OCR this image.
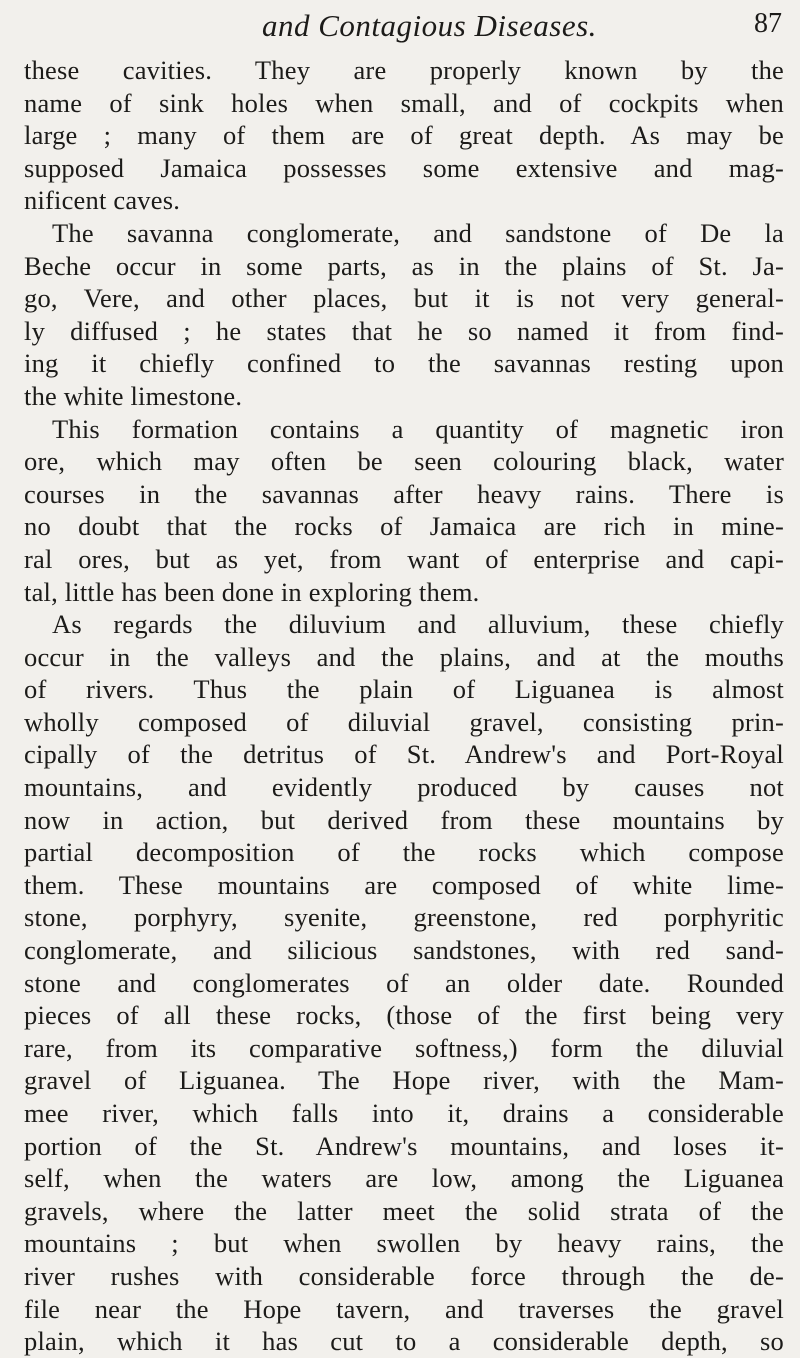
and Contagious Diseases.	87
these cavities. They are properly known by the
name of sink holes when small, and of cockpits when
large ; many of them are of great depth. As may be
supposed Jamaica possesses some extensive and mag-
nificent caves.
The savanna conglomerate, and sandstone of De la
Beche occur in some parts, as in the plains of St. Ja-
go, Vere, and other places, but it is not very general-
ly diffused ; he states that he so named it from find-
ing it chiefly confined to the savannas resting upon
the white limestone.
This formation contains a quantity of magnetic iron
ore, which may often be seen colouring black, water
courses in the savannas after heavy rains. There is
no doubt that the rocks of Jamaica are rich in mine-
ral ores, but as yet, from want of enterprise and capi-
tal, little has been done in exploring them.
As regards the diluvium and alluvium, these chiefly
occur in the valleys and the plains, and at the mouths
of rivers. Thus the plain of Liguanea is almost
wholly composed of diluvial gravel, consisting prin-
cipally of the detritus of St. Andrew's and Port-Royal
mountains, and evidently produced by causes not
now in action, but derived from these mountains by
partial decomposition of the rocks which compose
them. These mountains are composed of white lime-
stone, porphyry, syenite, greenstone, red porphyritic
conglomerate, and silicious sandstones, with red sand-
stone and conglomerates of an older date. Rounded
pieces of all these rocks, (those of the first being very
rare, from its comparative softness,) form the diluvial
gravel of Liguanea. The Hope river, with the Mam-
mee river, which falls into it, drains a considerable
portion of the St. Andrew's mountains, and loses it-
self, when the waters are low, among the Liguanea
gravels, where the latter meet the solid strata of the
mountains ; but when swollen by heavy rains, the
river rushes with considerable force through the de-
file near the Hope tavern, and traverses the gravel
plain, which it has cut to a considerable depth, so
